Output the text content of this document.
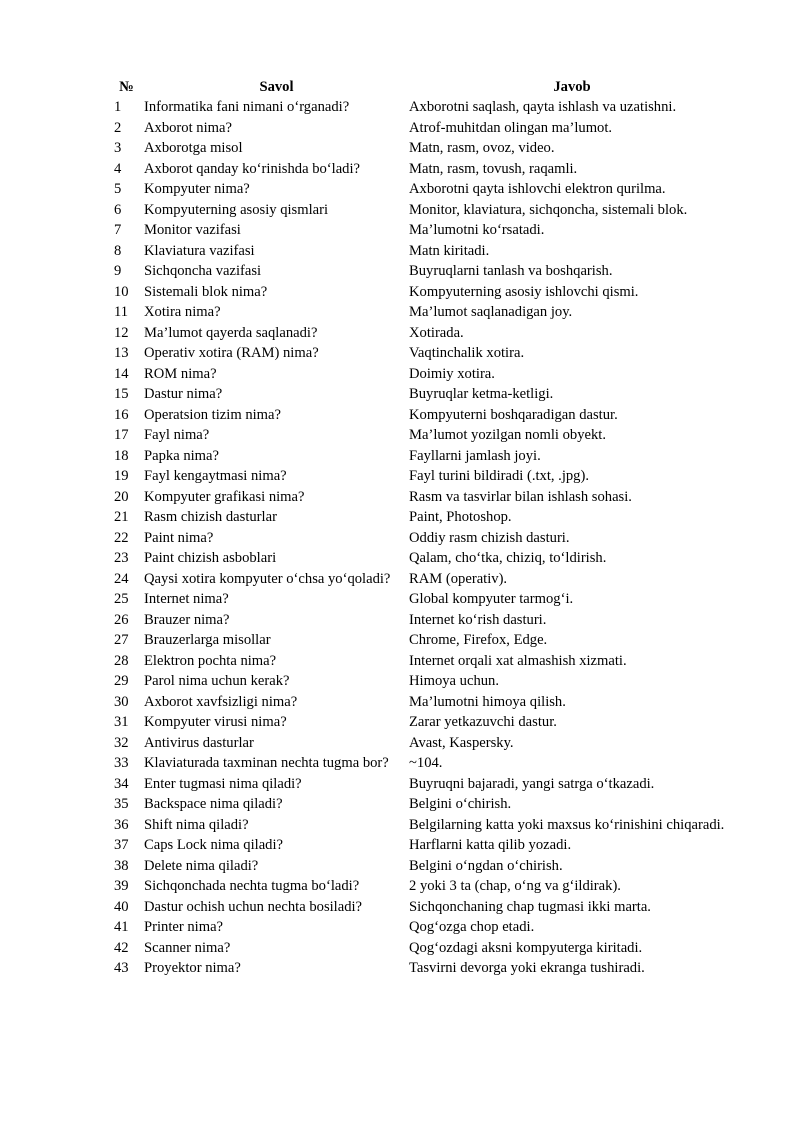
№	Savol	Javob
1	Informatika fani nimani o‘rganadi?	Axborotni saqlash, qayta ishlash va uzatishni.
2	Axborot nima?	Atrof-muhitdan olingan ma’lumot.
3	Axborotga misol	Matn, rasm, ovoz, video.
4	Axborot qanday ko‘rinishda bo‘ladi?	Matn, rasm, tovush, raqamli.
5	Kompyuter nima?	Axborotni qayta ishlovchi elektron qurilma.
6	Kompyuterning asosiy qismlari	Monitor, klaviatura, sichqoncha, sistemali blok.
7	Monitor vazifasi	Ma’lumotni ko‘rsatadi.
8	Klaviatura vazifasi	Matn kiritadi.
9	Sichqoncha vazifasi	Buyruqlarni tanlash va boshqarish.
10	Sistemali blok nima?	Kompyuterning asosiy ishlovchi qismi.
11	Xotira nima?	Ma’lumot saqlanadigan joy.
12	Ma’lumot qayerda saqlanadi?	Xotirada.
13	Operativ xotira (RAM) nima?	Vaqtinchalik xotira.
14	ROM nima?	Doimiy xotira.
15	Dastur nima?	Buyruqlar ketma-ketligi.
16	Operatsion tizim nima?	Kompyuterni boshqaradigan dastur.
17	Fayl nima?	Ma’lumot yozilgan nomli obyekt.
18	Papka nima?	Fayllarni jamlash joyi.
19	Fayl kengaytmasi nima?	Fayl turini bildiradi (.txt, .jpg).
20	Kompyuter grafikasi nima?	Rasm va tasvirlar bilan ishlash sohasi.
21	Rasm chizish dasturlar	Paint, Photoshop.
22	Paint nima?	Oddiy rasm chizish dasturi.
23	Paint chizish asboblari	Qalam, cho‘tka, chiziq, to‘ldirish.
24	Qaysi xotira kompyuter o‘chsa yo‘qoladi?	RAM (operativ).
25	Internet nima?	Global kompyuter tarmog‘i.
26	Brauzer nima?	Internet ko‘rish dasturi.
27	Brauzerlarga misollar	Chrome, Firefox, Edge.
28	Elektron pochta nima?	Internet orqali xat almashish xizmati.
29	Parol nima uchun kerak?	Himoya uchun.
30	Axborot xavfsizligi nima?	Ma’lumotni himoya qilish.
31	Kompyuter virusi nima?	Zarar yetkazuvchi dastur.
32	Antivirus dasturlar	Avast, Kaspersky.
33	Klaviaturada taxminan nechta tugma bor?	~104.
34	Enter tugmasi nima qiladi?	Buyruqni bajaradi, yangi satrga o‘tkazadi.
35	Backspace nima qiladi?	Belgini o‘chirish.
36	Shift nima qiladi?	Belgilarning katta yoki maxsus ko‘rinishini chiqaradi.
37	Caps Lock nima qiladi?	Harflarni katta qilib yozadi.
38	Delete nima qiladi?	Belgini o‘ngdan o‘chirish.
39	Sichqonchada nechta tugma bo‘ladi?	2 yoki 3 ta (chap, o‘ng va g‘ildirak).
40	Dastur ochish uchun nechta bosiladi?	Sichqonchaning chap tugmasi ikki marta.
41	Printer nima?	Qog‘ozga chop etadi.
42	Scanner nima?	Qog‘ozdagi aksni kompyuterga kiritadi.
43	Proyektor nima?	Tasvirni devorga yoki ekranga tushiradi.
